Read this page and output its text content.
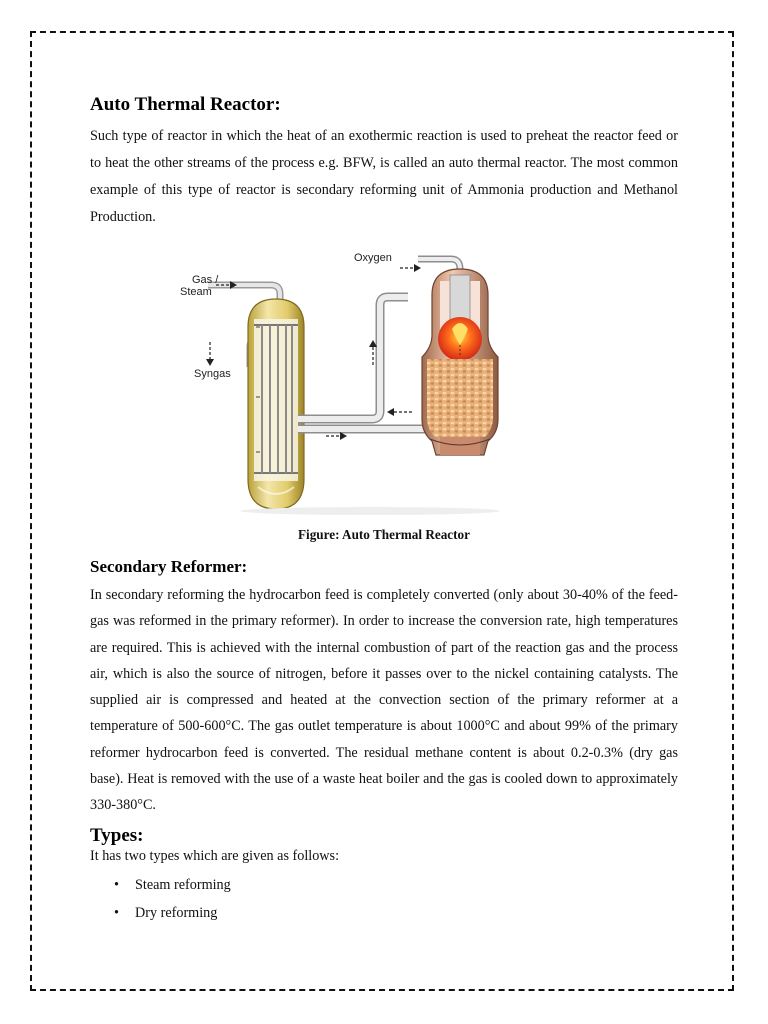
Auto Thermal Reactor:

Such type of reactor in which the heat of an exothermic reaction is used to preheat the reactor feed or to heat the other streams of the process e.g. BFW, is called an auto thermal reactor. The most common example of this type of reactor is secondary reforming unit of Ammonia production and Methanol Production.

Gas /
Steam
Syngas
Oxygen

Figure: Auto Thermal Reactor

Secondary Reformer:

In secondary reforming the hydrocarbon feed is completely converted (only about 30-40% of the feed-gas was reformed in the primary reformer). In order to increase the conversion rate, high temperatures are required. This is achieved with the internal combustion of part of the reaction gas and the process air, which is also the source of nitrogen, before it passes over to the nickel containing catalysts. The supplied air is compressed and heated at the convection section of the primary reformer at a temperature of 500-600°C. The gas outlet temperature is about 1000°C and about 99% of the primary reformer hydrocarbon feed is converted. The residual methane content is about 0.2-0.3% (dry gas base). Heat is removed with the use of a waste heat boiler and the gas is cooled down to approximately 330-380°C.

Types:

It has two types which are given as follows:

• Steam reforming
• Dry reforming
